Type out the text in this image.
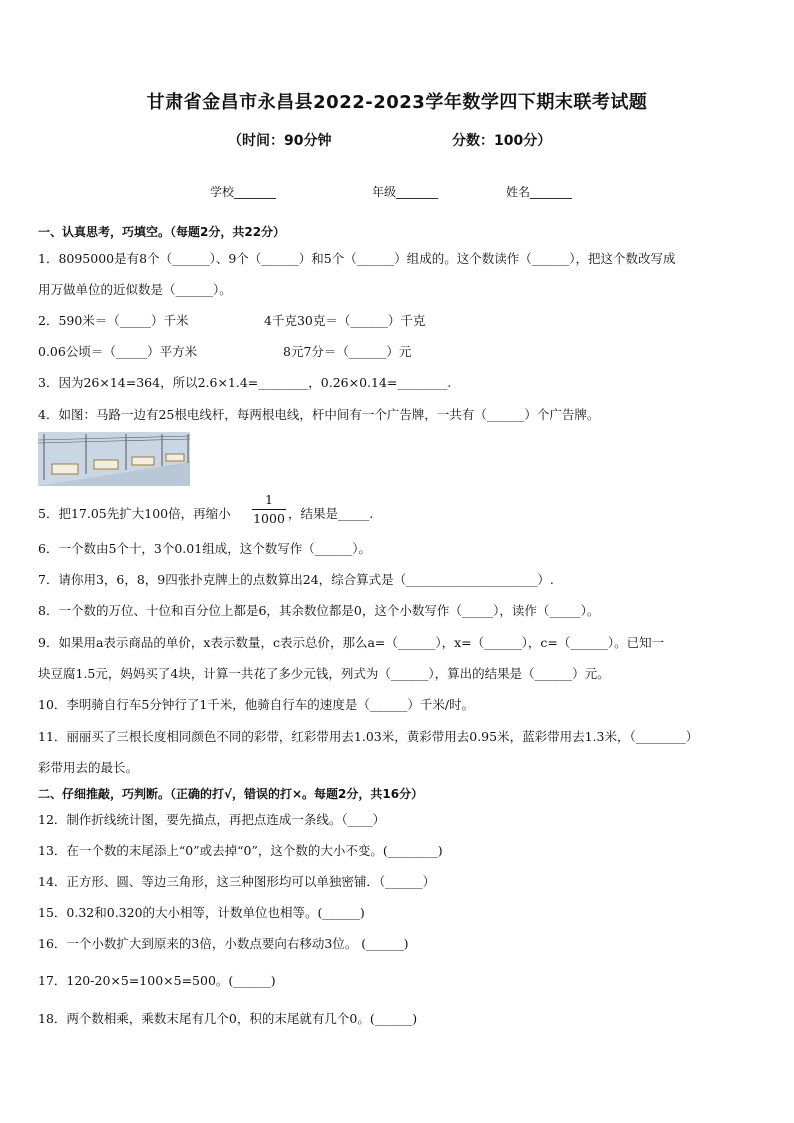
甘肃省金昌市永昌县2022-2023学年数学四下期末联考试题
（时间：90分钟	分数：100分）
学校_______	年级_______	姓名_______
一、认真思考，巧填空。（每题2分，共22分）
1．8095000是有8个（______）、9个（______）和5个（______）组成的。这个数读作（______），把这个数改写成
用万做单位的近似数是（______）。
2．590米＝（_____）千米	4千克30克＝（______）千克
0.06公顷＝（_____）平方米	8元7分＝（______）元
3．因为26×14=364，所以2.6×1.4=________，0.26×0.14=________.
4．如图：马路一边有25根电线杆，每两根电线，杆中间有一个广告牌，一共有（______）个广告牌。
5．把17.05先扩大100倍，再缩小
1
1000 ，结果是_____.
6．一个数由5个十，3个0.01组成，这个数写作（______）。
7．请你用3，6，8，9四张扑克牌上的点数算出24，综合算式是（_____________________）.
8．一个数的万位、十位和百分位上都是6，其余数位都是0，这个小数写作（_____），读作（_____）。
9．如果用a表示商品的单价，x表示数量，c表示总价，那么a=（______），x=（______），c=（______）。已知一
块豆腐1.5元，妈妈买了4块，计算一共花了多少元钱，列式为（______），算出的结果是（______）元。
10．李明骑自行车5分钟行了1千米，他骑自行车的速度是（______）千米/时。
11．丽丽买了三根长度相同颜色不同的彩带，红彩带用去1.03米，黄彩带用去0.95米，蓝彩带用去1.3米，（________）
彩带用去的最长。
二、仔细推敲，巧判断。（正确的打√，错误的打×。每题2分，共16分）
12．制作折线统计图，要先描点，再把点连成一条线。（____）
13．在一个数的末尾添上“0”或去掉“0”，这个数的大小不变。(________)
14．正方形、圆、等边三角形，这三种图形均可以单独密铺．（______）
15．0.32和0.320的大小相等，计数单位也相等。(______)
16．一个小数扩大到原来的3倍，小数点要向右移动3位。 (______)
17．120-20×5=100×5=500。(______)
18．两个数相乘，乘数末尾有几个0，积的末尾就有几个0。(______)
